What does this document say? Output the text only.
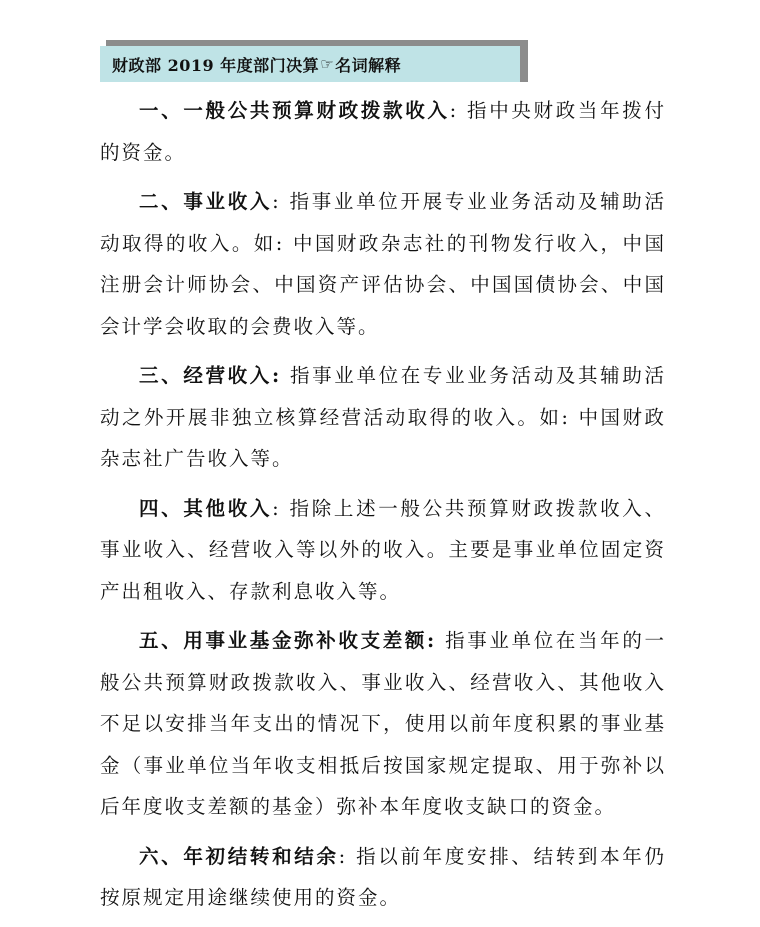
财政部 2019 年度部门决算 ☞ 名词解释

一、一般公共预算财政拨款收入: 指中央财政当年拨付的资金。

二、事业收入: 指事业单位开展专业业务活动及辅助活动取得的收入。如: 中国财政杂志社的刊物发行收入，中国注册会计师协会、中国资产评估协会、中国国债协会、中国会计学会收取的会费收入等。

三、经营收入: 指事业单位在专业业务活动及其辅助活动之外开展非独立核算经营活动取得的收入。如: 中国财政杂志社广告收入等。

四、其他收入: 指除上述一般公共预算财政拨款收入、事业收入、经营收入等以外的收入。主要是事业单位固定资产出租收入、存款利息收入等。

五、用事业基金弥补收支差额: 指事业单位在当年的一般公共预算财政拨款收入、事业收入、经营收入、其他收入不足以安排当年支出的情况下，使用以前年度积累的事业基金（事业单位当年收支相抵后按国家规定提取、用于弥补以后年度收支差额的基金）弥补本年度收支缺口的资金。

六、年初结转和结余: 指以前年度安排、结转到本年仍按原规定用途继续使用的资金。
